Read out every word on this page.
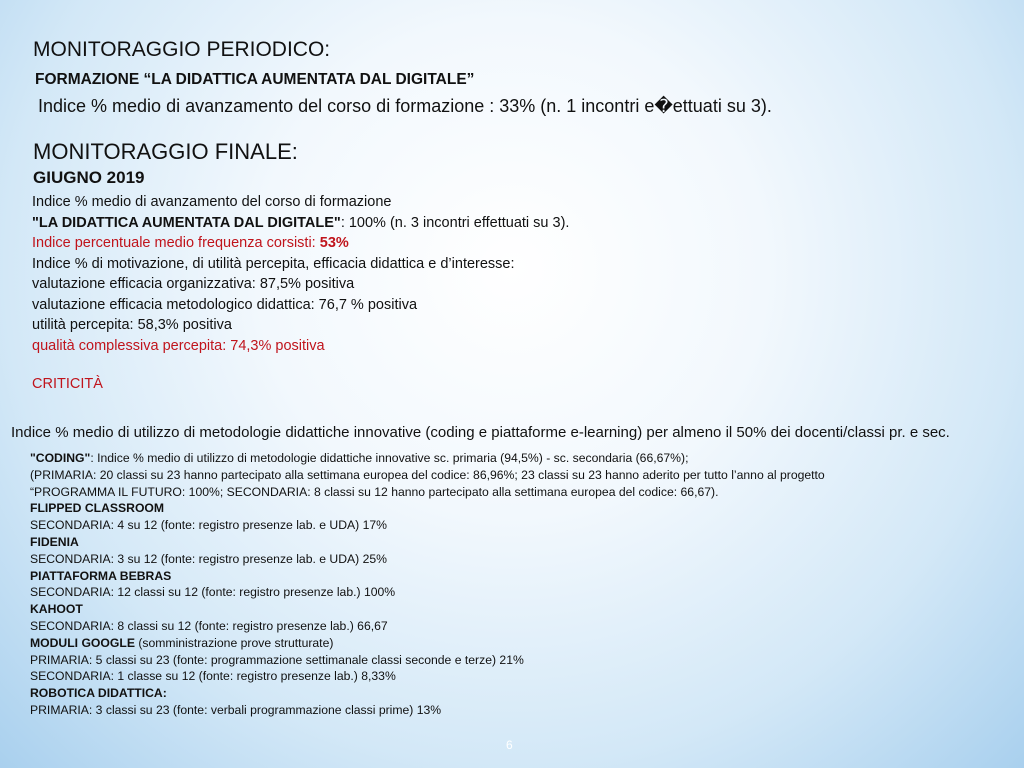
MONITORAGGIO PERIODICO:
FORMAZIONE “LA DIDATTICA AUMENTATA DAL DIGITALE”
Indice % medio di avanzamento del corso di formazione : 33% (n. 1 incontri e�ettuati su 3).
MONITORAGGIO FINALE:
GIUGNO 2019
Indice % medio di avanzamento del corso di formazione
"LA DIDATTICA AUMENTATA DAL DIGITALE": 100% (n. 3 incontri effettuati su 3).
Indice percentuale medio frequenza corsisti: 53%
Indice % di motivazione, di utilità percepita, efficacia didattica e d’interesse:
valutazione efficacia organizzativa: 87,5% positiva
valutazione efficacia metodologico didattica: 76,7 % positiva
utilità percepita: 58,3% positiva
qualità complessiva percepita: 74,3% positiva
CRITICITÀ
Indice % medio di utilizzo di metodologie didattiche innovative (coding e piattaforme e-learning) per almeno il 50% dei docenti/classi pr. e sec.
"CODING": Indice % medio di utilizzo di metodologie didattiche innovative sc. primaria (94,5%) - sc. secondaria (66,67%);
(PRIMARIA: 20 classi su 23 hanno partecipato alla settimana europea del codice: 86,96%; 23 classi su 23 hanno aderito per tutto l’anno al progetto
“PROGRAMMA IL FUTURO: 100%; SECONDARIA: 8 classi su 12 hanno partecipato alla settimana europea del codice: 66,67).
FLIPPED CLASSROOM
SECONDARIA: 4 su 12 (fonte: registro presenze lab. e UDA) 17%
FIDENIA
SECONDARIA: 3 su 12 (fonte: registro presenze lab. e UDA) 25%
PIATTAFORMA BEBRAS
SECONDARIA: 12 classi su 12 (fonte: registro presenze lab.) 100%
KAHOOT
SECONDARIA: 8 classi su 12 (fonte: registro presenze lab.) 66,67
MODULI GOOGLE (somministrazione prove strutturate)
PRIMARIA: 5 classi su 23 (fonte: programmazione settimanale classi seconde e terze) 21%
SECONDARIA: 1 classe su 12 (fonte: registro presenze lab.) 8,33%
ROBOTICA DIDATTICA:
PRIMARIA: 3 classi su 23 (fonte: verbali programmazione classi prime) 13%
6
